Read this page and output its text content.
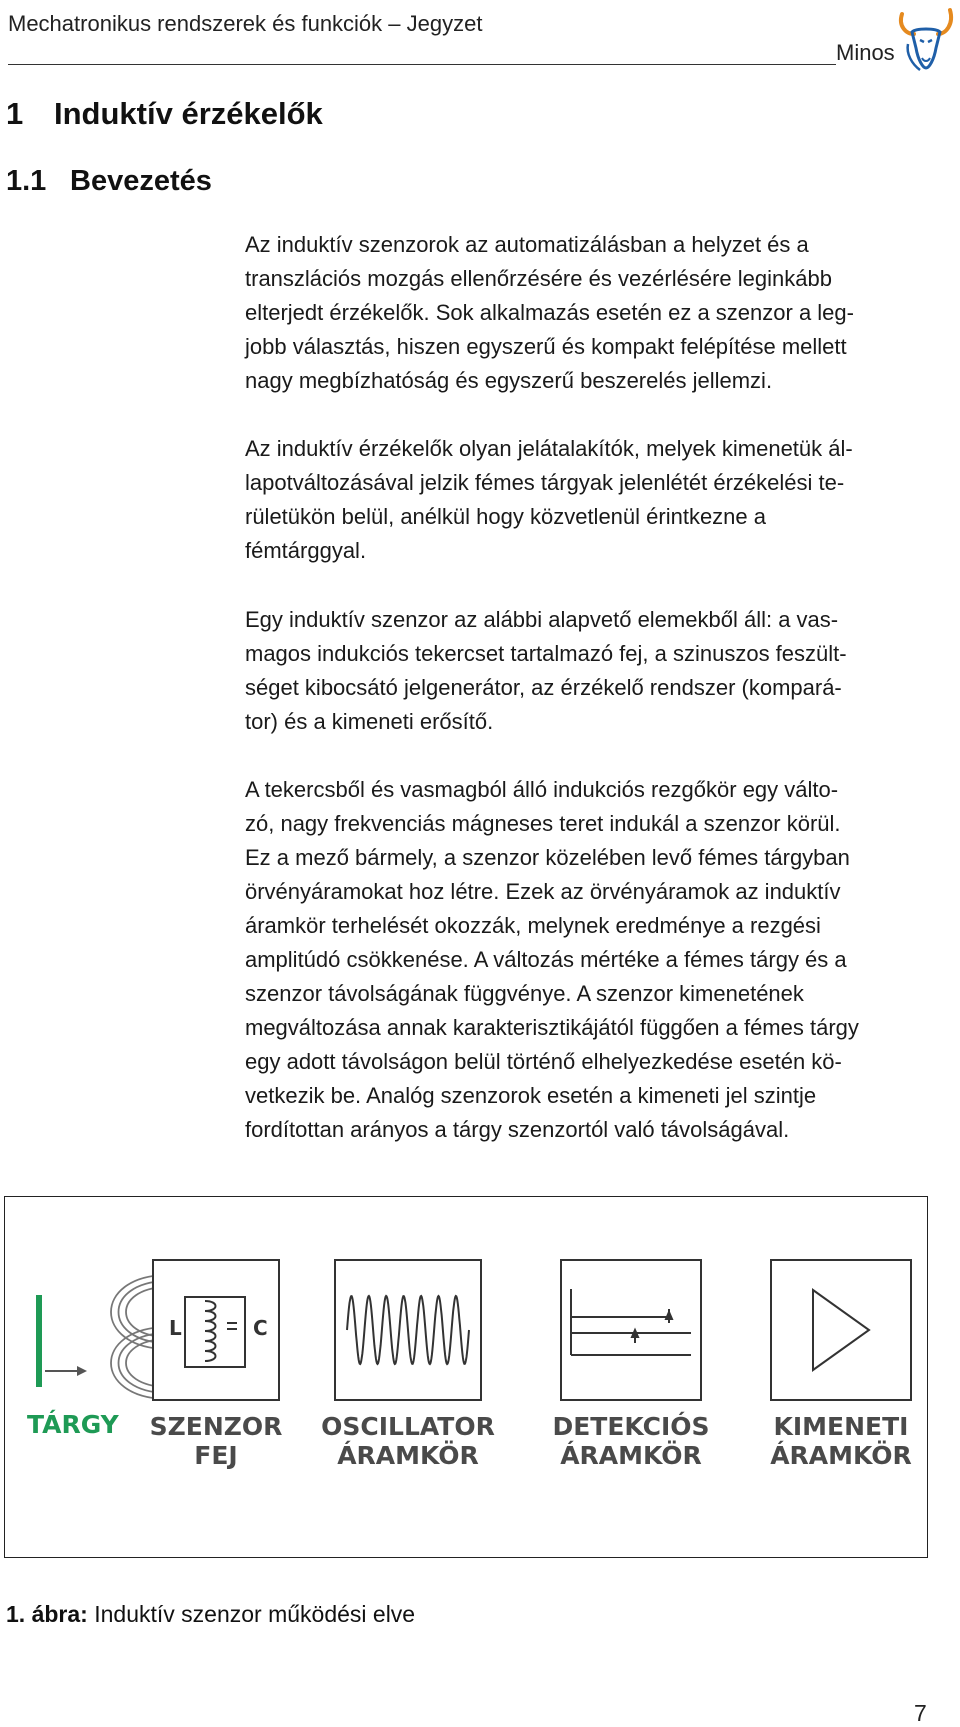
Mechatronikus rendszerek és funkciók – Jegyzet
Minos
1 Induktív érzékelők
1.1 Bevezetés
Az induktív szenzorok az automatizálásban a helyzet és a
transzlációs mozgás ellenőrzésére és vezérlésére leginkább
elterjedt érzékelők. Sok alkalmazás esetén ez a szenzor a leg-
jobb választás, hiszen egyszerű és kompakt felépítése mellett
nagy megbízhatóság és egyszerű beszerelés jellemzi.
Az induktív érzékelők olyan jelátalakítók, melyek kimenetük ál-
lapotváltozásával jelzik fémes tárgyak jelenlétét érzékelési te-
rületükön belül, anélkül hogy közvetlenül érintkezne a
fémtárggyal.
Egy induktív szenzor az alábbi alapvető elemekből áll: a vas-
magos indukciós tekercset tartalmazó fej, a szinuszos feszült-
séget kibocsátó jelgenerátor, az érzékelő rendszer (kompará-
tor) és a kimeneti erősítő.
A tekercsből és vasmagból álló indukciós rezgőkör egy válto-
zó, nagy frekvenciás mágneses teret indukál a szenzor körül.
Ez a mező bármely, a szenzor közelében levő fémes tárgyban
örvényáramokat hoz létre. Ezek az örvényáramok az induktív
áramkör terhelését okozzák, melynek eredménye a rezgési
amplitúdó csökkenése. A változás mértéke a fémes tárgy és a
szenzor távolságának függvénye. A szenzor kimenetének
megváltozása annak karakterisztikájától függően a fémes tárgy
egy adott távolságon belül történő elhelyezkedése esetén kö-
vetkezik be. Analóg szenzorok esetén a kimeneti jel szintje
fordítottan arányos a tárgy szenzortól való távolságával.
TÁRGY
L	C
SZENZOR
FEJ
OSCILLATOR
ÁRAMKÖR
DETEKCIÓS
ÁRAMKÖR
KIMENETI
ÁRAMKÖR
1. ábra: Induktív szenzor működési elve
7
